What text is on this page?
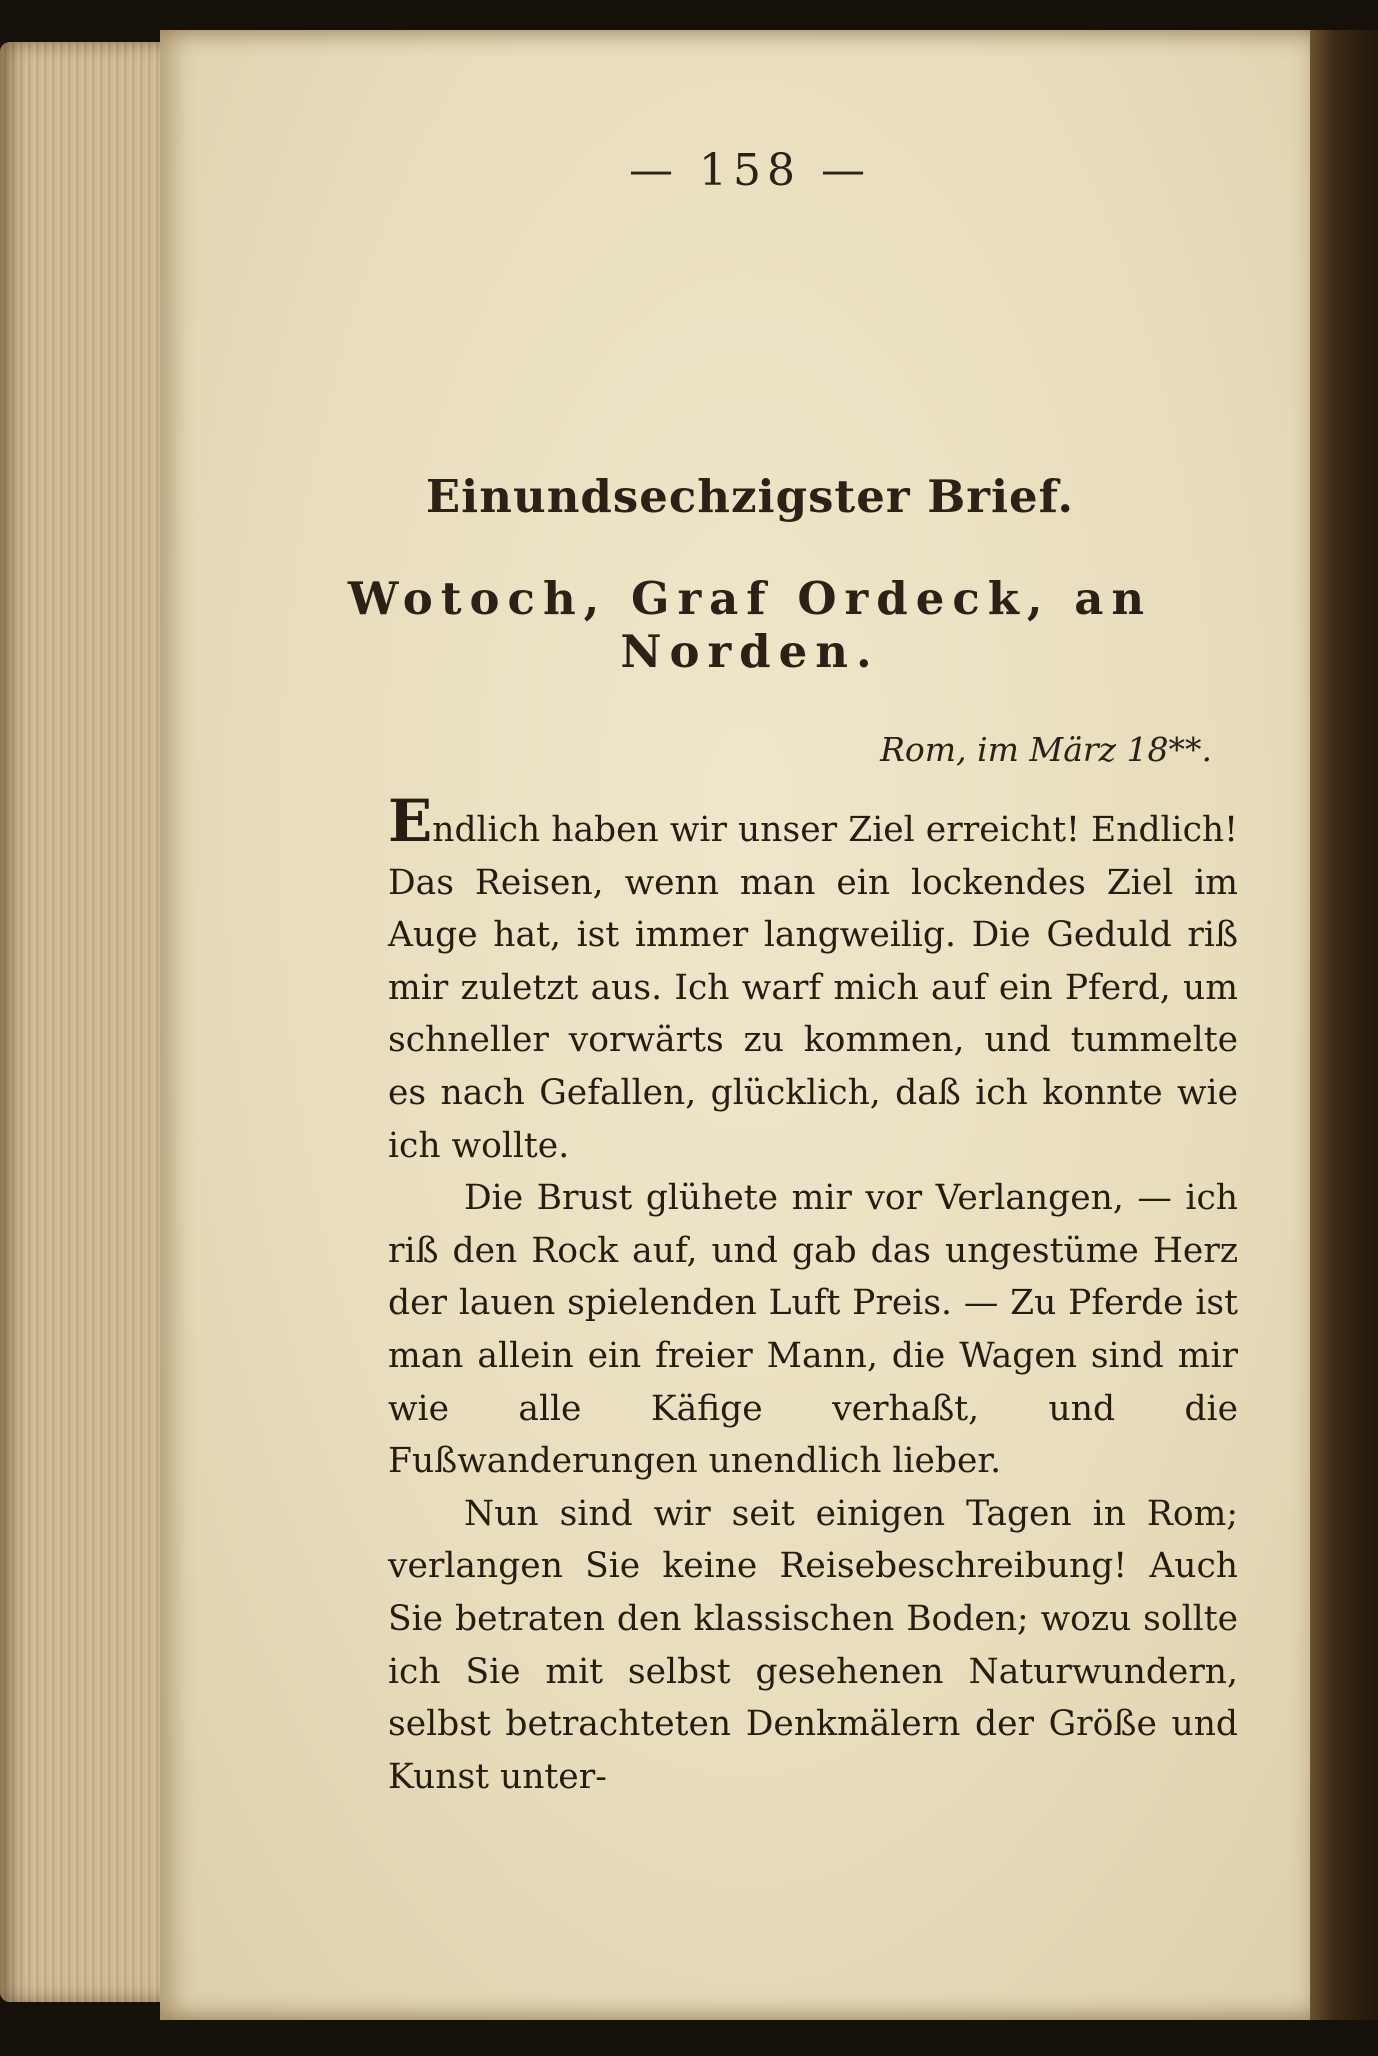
— 158 —
Einundsechzigster Brief.
Wotoch, Graf Ordeck, an Norden.
Rom, im März 18**.

Endlich haben wir unser Ziel erreicht! Endlich! Das Reisen, wenn man ein lockendes Ziel im Auge hat, ist immer langweilig. Die Geduld riß mir zuletzt aus. Ich warf mich auf ein Pferd, um schneller vorwärts zu kommen, und tummelte es nach Gefallen, glücklich, daß ich konnte wie ich wollte.

Die Brust glühete mir vor Verlangen, — ich riß den Rock auf, und gab das ungestüme Herz der lauen spielenden Luft Preis. — Zu Pferde ist man allein ein freier Mann, die Wagen sind mir wie alle Käfige verhaßt, und die Fußwanderungen unendlich lieber.

Nun sind wir seit einigen Tagen in Rom; verlangen Sie keine Reisebeschreibung! Auch Sie betraten den klassischen Boden; wozu sollte ich Sie mit selbst gesehenen Naturwundern, selbst betrachteten Denkmälern der Größe und Kunst unter-
